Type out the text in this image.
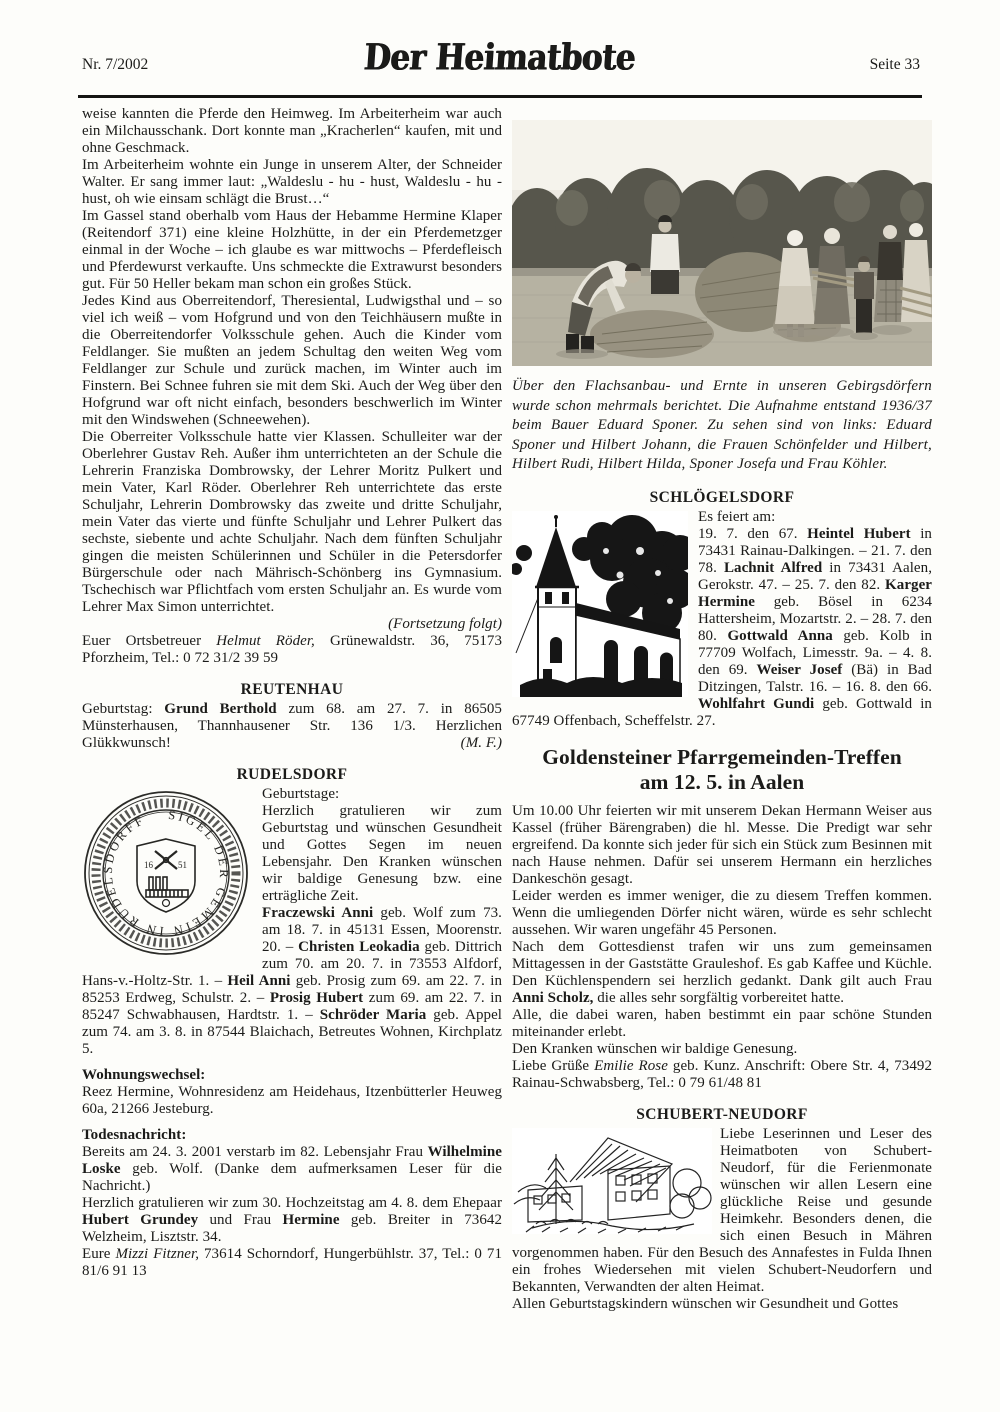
Nr. 7/2002	Der Heimatbote	Seite 33

weise kannten die Pferde den Heimweg. Im Arbeiterheim war auch ein Milchausschank. Dort konnte man „Kracherlen“ kaufen, mit und ohne Geschmack.

Im Arbeiterheim wohnte ein Junge in unserem Alter, der Schneider Walter. Er sang immer laut: „Waldeslu - hu - hust, Waldeslu - hu - hust, oh wie einsam schlägt die Brust…“

Im Gassel stand oberhalb vom Haus der Hebamme Hermine Klaper (Reitendorf 371) eine kleine Holzhütte, in der ein Pferdemetzger einmal in der Woche – ich glaube es war mittwochs – Pferdefleisch und Pferdewurst verkaufte. Uns schmeckte die Extrawurst besonders gut. Für 50 Heller bekam man schon ein großes Stück.

Jedes Kind aus Oberreitendorf, Theresiental, Ludwigsthal und – so viel ich weiß – vom Hofgrund und von den Teichhäusern mußte in die Oberreitendorfer Volksschule gehen. Auch die Kinder vom Feldlanger. Sie mußten an jedem Schultag den weiten Weg vom Feldlanger zur Schule und zurück machen, im Winter auch im Finstern. Bei Schnee fuhren sie mit dem Ski. Auch der Weg über den Hofgrund war oft nicht einfach, besonders beschwerlich im Winter mit den Windswehen (Schneewehen).

Die Oberreiter Volksschule hatte vier Klassen. Schulleiter war der Oberlehrer Gustav Reh. Außer ihm unterrichteten an der Schule die Lehrerin Franziska Dombrowsky, der Lehrer Moritz Pulkert und mein Vater, Karl Röder. Oberlehrer Reh unterrichtete das erste Schuljahr, Lehrerin Dombrowsky das zweite und dritte Schuljahr, mein Vater das vierte und fünfte Schuljahr und Lehrer Pulkert das sechste, siebente und achte Schuljahr. Nach dem fünften Schuljahr gingen die meisten Schülerinnen und Schüler in die Petersdorfer Bürgerschule oder nach Mährisch-Schönberg ins Gymnasium. Tschechisch war Pflichtfach vom ersten Schuljahr an. Es wurde vom Lehrer Max Simon unterrichtet.

(Fortsetzung folgt)

Euer Ortsbetreuer Helmut Röder, Grünewaldstr. 36, 75173 Pforzheim, Tel.: 0 72 31/2 39 59

REUTENHAU

Geburtstag: Grund Berthold zum 68. am 27. 7. in 86505 Münsterhausen, Thannhausener Str. 136 1/3. Herzlichen Glükkwunsch!	(M. F.)

RUDELSDORF
SIGEL DER GEMEIN IN RUDELSDORFF
16	51

Geburtstage:

Herzlich gratulieren wir zum Geburtstag und wünschen Gesundheit und Gottes Segen im neuen Lebensjahr. Den Kranken wünschen wir baldige Genesung bzw. eine erträgliche Zeit.

Fraczewski Anni geb. Wolf zum 73. am 18. 7. in 45131 Essen, Moorenstr. 20. – Christen Leokadia geb. Dittrich zum 70. am 20. 7. in 73553 Alfdorf, Hans-v.-Holtz-Str. 1. – Heil Anni geb. Prosig zum 69. am 22. 7. in 85253 Erdweg, Schulstr. 2. – Prosig Hubert zum 69. am 22. 7. in 85247 Schwabhausen, Hardtstr. 1. – Schröder Maria geb. Appel zum 74. am 3. 8. in 87544 Blaichach, Betreutes Wohnen, Kirchplatz 5.

Wohnungswechsel:

Reez Hermine, Wohnresidenz am Heidehaus, Itzenbütterler Heuweg 60a, 21266 Jesteburg.

Todesnachricht:

Bereits am 24. 3. 2001 verstarb im 82. Lebensjahr Frau Wilhelmine Loske geb. Wolf. (Danke dem aufmerksamen Leser für die Nachricht.)

Herzlich gratulieren wir zum 30. Hochzeitstag am 4. 8. dem Ehepaar Hubert Grundey und Frau Hermine geb. Breiter in 73642 Welzheim, Lisztstr. 34.

Eure Mizzi Fitzner, 73614 Schorndorf, Hungerbühlstr. 37, Tel.: 0 71 81/6 91 13

Über den Flachsanbau- und Ernte in unseren Gebirgsdörfern wurde schon mehrmals berichtet. Die Aufnahme entstand 1936/37 beim Bauer Eduard Sponer. Zu sehen sind von links: Eduard Sponer und Hilbert Johann, die Frauen Schönfelder und Hilbert, Hilbert Rudi, Hilbert Hilda, Sponer Josefa und Frau Köhler.

SCHLÖGELSDORF

Es feiert am:

19. 7. den 67. Heintel Hubert in 73431 Rainau-Dalkingen. – 21. 7. den 78. Lachnit Alfred in 73431 Aalen, Gerokstr. 47. – 25. 7. den 82. Karger Hermine geb. Bösel in 6234 Hattersheim, Mozartstr. 2. – 28. 7. den 80. Gottwald Anna geb. Kolb in 77709 Wolfach, Limesstr. 9a. – 4. 8. den 69. Weiser Josef (Bä) in Bad Ditzingen, Talstr. 16. – 16. 8. den 66. Wohlfahrt Gundi geb. Gottwald in 67749 Offenbach, Scheffelstr. 27.

Goldensteiner Pfarrgemeinden-Treffen
am 12. 5. in Aalen

Um 10.00 Uhr feierten wir mit unserem Dekan Hermann Weiser aus Kassel (früher Bärengraben) die hl. Messe. Die Predigt war sehr ergreifend. Da konnte sich jeder für sich ein Stück zum Besinnen mit nach Hause nehmen. Dafür sei unserem Hermann ein herzliches Dankeschön gesagt.

Leider werden es immer weniger, die zu diesem Treffen kommen. Wenn die umliegenden Dörfer nicht wären, würde es sehr schlecht aussehen. Wir waren ungefähr 45 Personen.

Nach dem Gottesdienst trafen wir uns zum gemeinsamen Mittagessen in der Gaststätte Grauleshof. Es gab Kaffee und Küchle. Den Küchlenspendern sei herzlich gedankt. Dank gilt auch Frau Anni Scholz, die alles sehr sorgfältig vorbereitet hatte.

Alle, die dabei waren, haben bestimmt ein paar schöne Stunden miteinander erlebt.

Den Kranken wünschen wir baldige Genesung.

Liebe Grüße Emilie Rose geb. Kunz. Anschrift: Obere Str. 4, 73492 Rainau-Schwabsberg, Tel.: 0 79 61/48 81

SCHUBERT-NEUDORF

Liebe Leserinnen und Leser des Heimatboten von Schubert-Neudorf, für die Ferienmonate wünschen wir allen Lesern eine glückliche Reise und gesunde Heimkehr. Besonders denen, die sich einen Besuch in Mähren vorgenommen haben. Für den Besuch des Annafestes in Fulda Ihnen ein frohes Wiedersehen mit vielen Schubert-Neudorfern und Bekannten, Verwandten der alten Heimat.

Allen Geburtstagskindern wünschen wir Gesundheit und Gottes
